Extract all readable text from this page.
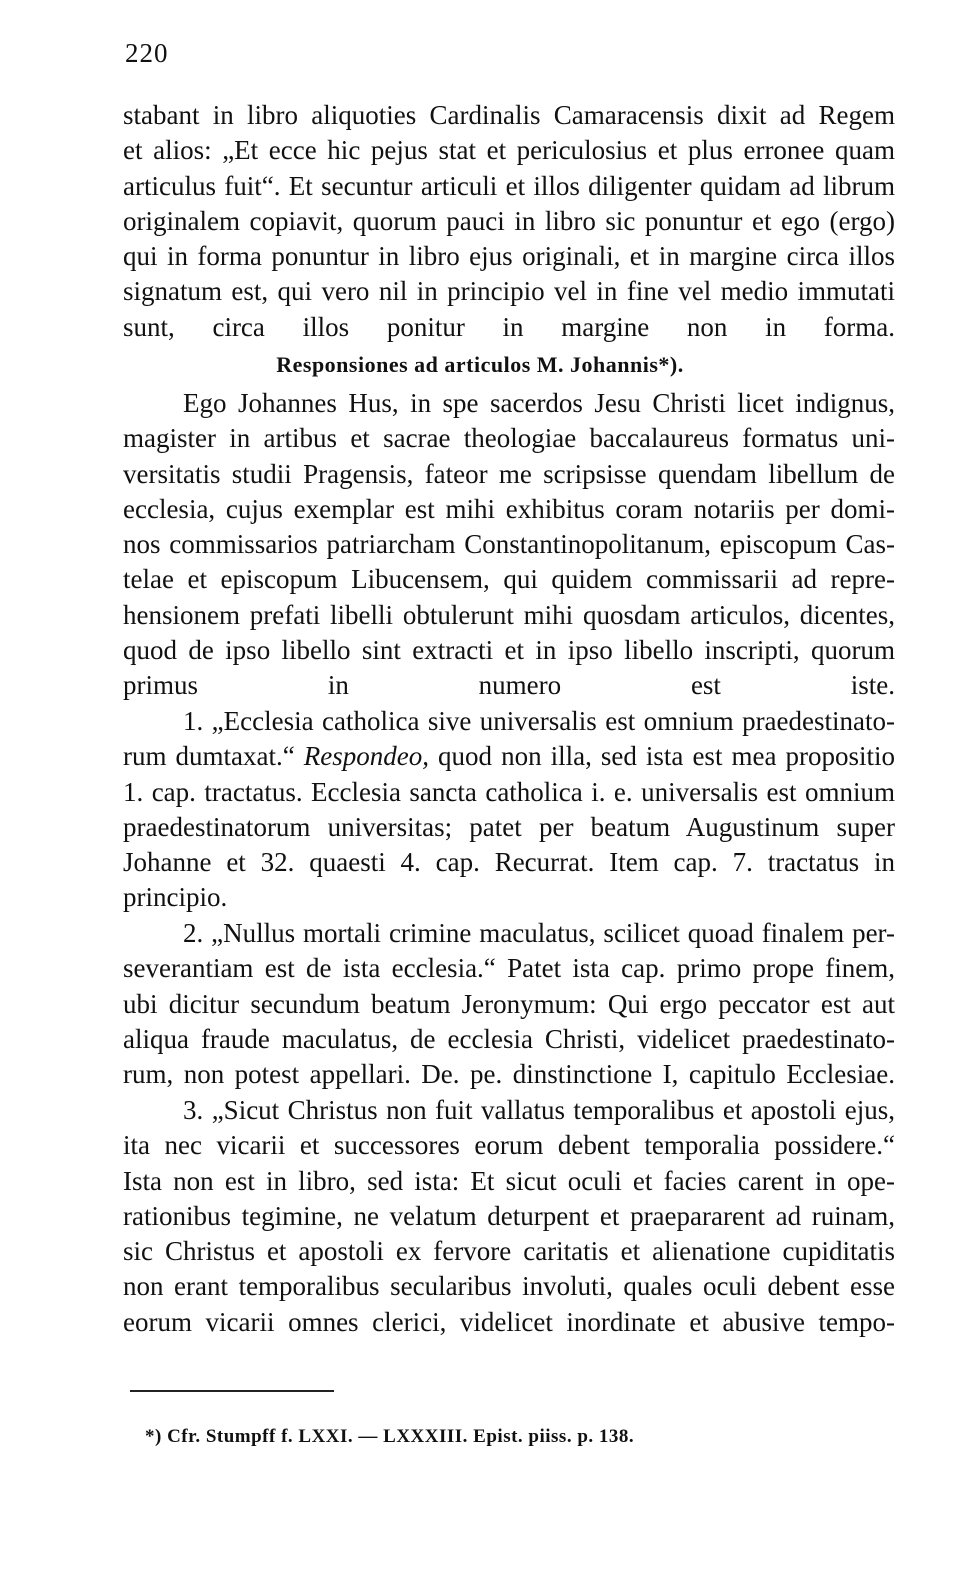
220
stabant in libro aliquoties Cardinalis Camaracensis dixit ad Regem
et alios: „Et ecce hic pejus stat et periculosius et plus erronee quam
articulus fuit“. Et secuntur articuli et illos diligenter quidam ad librum
originalem copiavit, quorum pauci in libro sic ponuntur et ego (ergo)
qui in forma ponuntur in libro ejus originali, et in margine circa illos
signatum est, qui vero nil in principio vel in fine vel medio immutati
sunt, circa illos ponitur in margine non in forma.
Responsiones ad articulos M. Johannis*).
Ego Johannes Hus, in spe sacerdos Jesu Christi licet indignus,
magister in artibus et sacrae theologiae baccalaureus formatus uni-
versitatis studii Pragensis, fateor me scripsisse quendam libellum de
ecclesia, cujus exemplar est mihi exhibitus coram notariis per domi-
nos commissarios patriarcham Constantinopolitanum, episcopum Cas-
telae et episcopum Libucensem, qui quidem commissarii ad repre-
hensionem prefati libelli obtulerunt mihi quosdam articulos, dicentes,
quod de ipso libello sint extracti et in ipso libello inscripti, quorum
primus in numero est iste.
1. „Ecclesia catholica sive universalis est omnium praedestinato-
rum dumtaxat.“ Respondeo, quod non illa, sed ista est mea propositio
1. cap. tractatus. Ecclesia sancta catholica i. e. universalis est omnium
praedestinatorum universitas; patet per beatum Augustinum super
Johanne et 32. quaesti 4. cap. Recurrat. Item cap. 7. tractatus in
principio.
2. „Nullus mortali crimine maculatus, scilicet quoad finalem per-
severantiam est de ista ecclesia.“ Patet ista cap. primo prope finem,
ubi dicitur secundum beatum Jeronymum: Qui ergo peccator est aut
aliqua fraude maculatus, de ecclesia Christi, videlicet praedestinato-
rum, non potest appellari. De. pe. dinstinctione I, capitulo Ecclesiae.
3. „Sicut Christus non fuit vallatus temporalibus et apostoli ejus,
ita nec vicarii et successores eorum debent temporalia possidere.“
Ista non est in libro, sed ista: Et sicut oculi et facies carent in ope-
rationibus tegimine, ne velatum deturpent et praepararent ad ruinam,
sic Christus et apostoli ex fervore caritatis et alienatione cupiditatis
non erant temporalibus secularibus involuti, quales oculi debent esse
eorum vicarii omnes clerici, videlicet inordinate et abusive tempo-
*) Cfr. Stumpff f. LXXI. — LXXXIII. Epist. piiss. p. 138.
